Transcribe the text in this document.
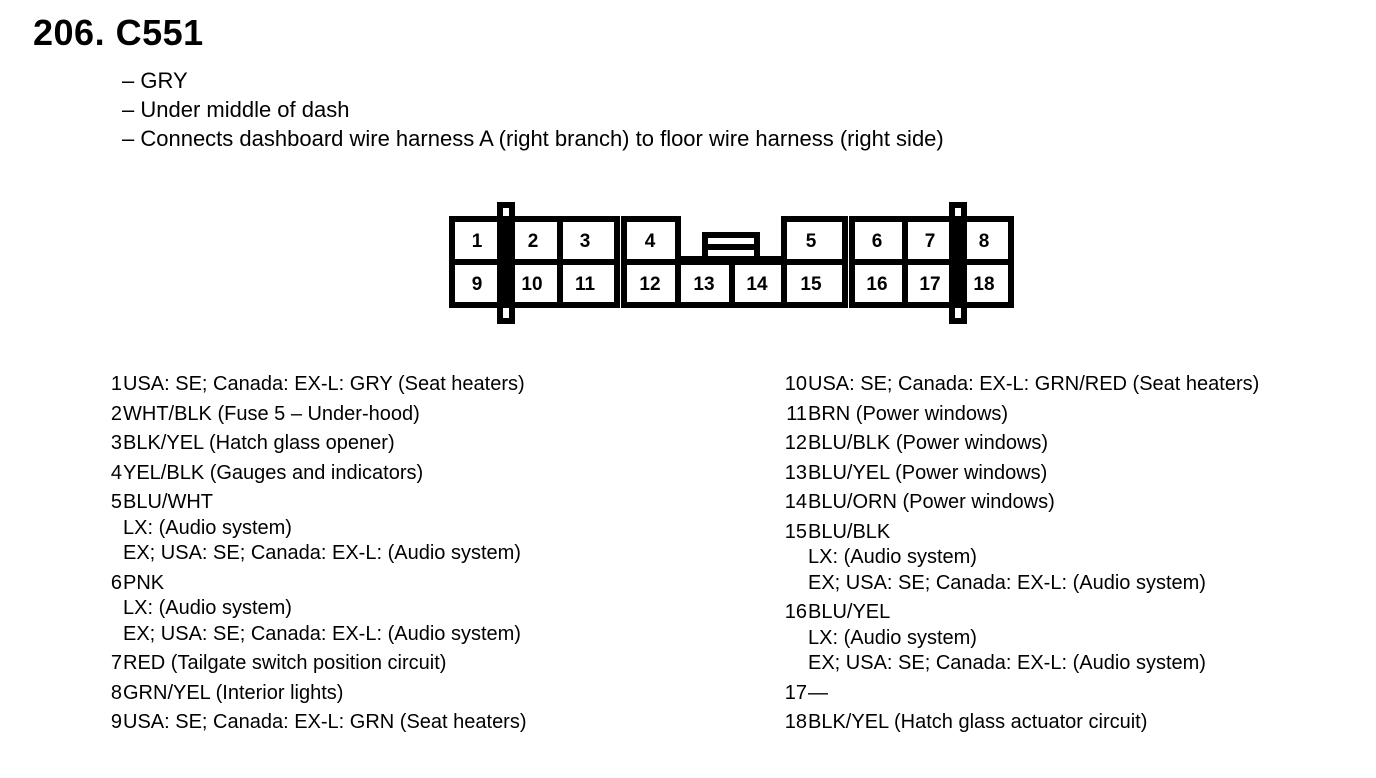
206. C551
– GRY
– Under middle of dash
– Connects dashboard wire harness A (right branch) to floor wire harness (right side)
1 2 3	4	5	6 7 8
9 10 11 12 13 14 15 16 17 18
1 USA: SE; Canada: EX-L: GRY (Seat heaters)
2 WHT/BLK (Fuse 5 – Under-hood)
3 BLK/YEL (Hatch glass opener)
4 YEL/BLK (Gauges and indicators)
5 BLU/WHT
LX: (Audio system)
EX; USA: SE; Canada: EX-L: (Audio system)
6 PNK
LX: (Audio system)
EX; USA: SE; Canada: EX-L: (Audio system)
7 RED (Tailgate switch position circuit)
8 GRN/YEL (Interior lights)
9 USA: SE; Canada: EX-L: GRN (Seat heaters)
10 USA: SE; Canada: EX-L: GRN/RED (Seat heaters)
11 BRN (Power windows)
12 BLU/BLK (Power windows)
13 BLU/YEL (Power windows)
14 BLU/ORN (Power windows)
15 BLU/BLK
LX: (Audio system)
EX; USA: SE; Canada: EX-L: (Audio system)
16 BLU/YEL
LX: (Audio system)
EX; USA: SE; Canada: EX-L: (Audio system)
17 —
18 BLK/YEL (Hatch glass actuator circuit)
